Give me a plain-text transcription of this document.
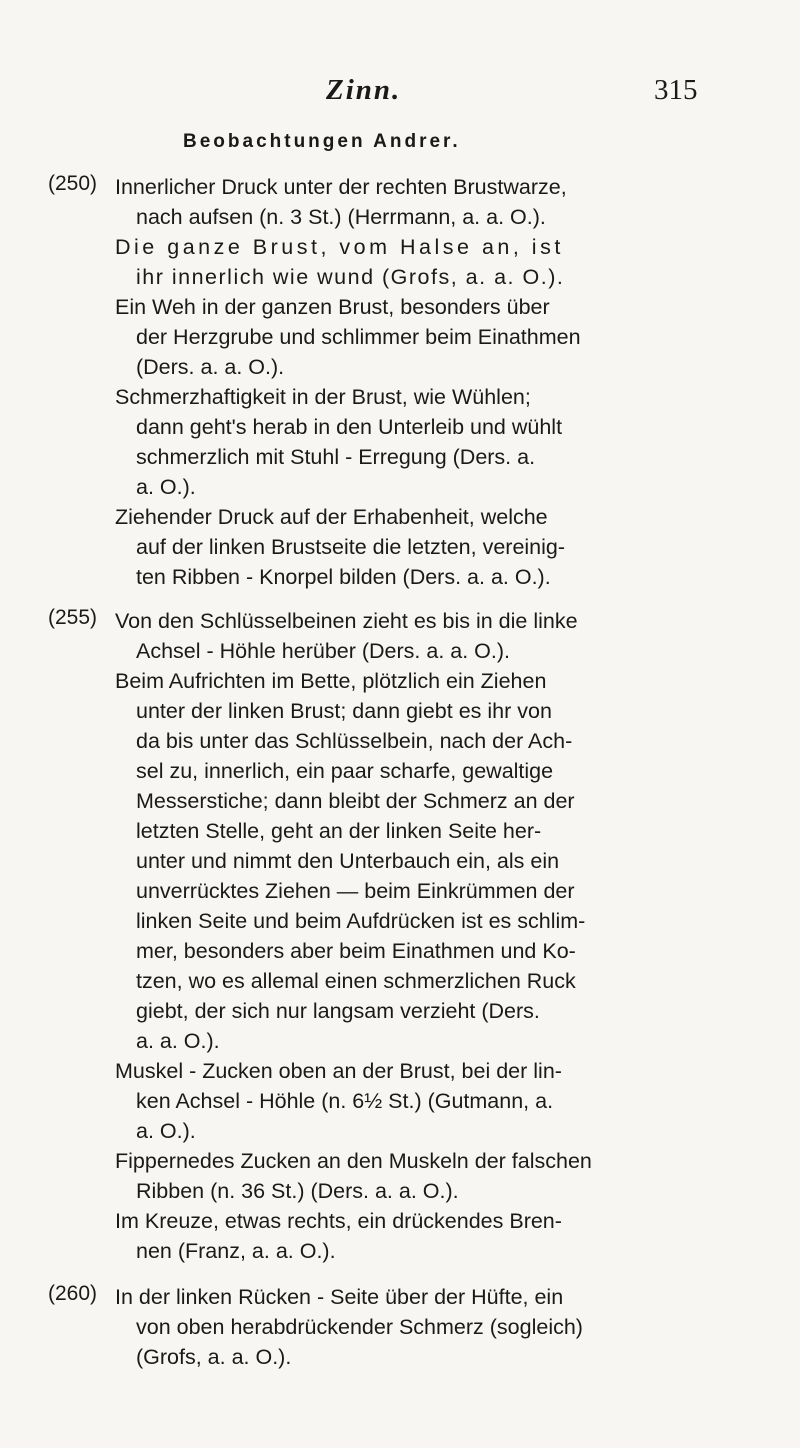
Zinn.	315
Beobachtungen Andrer.
(250) Innerlicher Druck unter der rechten Brustwarze,
nach aufsen (n. 3 St.) (Herrmann, a. a. O.).
Die ganze Brust, vom Halse an, ist
ihr innerlich wie wund (Grofs, a. a. O.).
Ein Weh in der ganzen Brust, besonders über
der Herzgrube und schlimmer beim Einathmen
(Ders. a. a. O.).
Schmerzhaftigkeit in der Brust, wie Wühlen;
dann geht's herab in den Unterleib und wühlt
schmerzlich mit Stuhl - Erregung (Ders. a.
a. O.).
Ziehender Druck auf der Erhabenheit, welche
auf der linken Brustseite die letzten, vereinig-
ten Ribben - Knorpel bilden (Ders. a. a. O.).
(255) Von den Schlüsselbeinen zieht es bis in die linke
Achsel - Höhle herüber (Ders. a. a. O.).
Beim Aufrichten im Bette, plötzlich ein Ziehen
unter der linken Brust; dann giebt es ihr von
da bis unter das Schlüsselbein, nach der Ach-
sel zu, innerlich, ein paar scharfe, gewaltige
Messerstiche; dann bleibt der Schmerz an der
letzten Stelle, geht an der linken Seite her-
unter und nimmt den Unterbauch ein, als ein
unverrücktes Ziehen — beim Einkrümmen der
linken Seite und beim Aufdrücken ist es schlim-
mer, besonders aber beim Einathmen und Ko-
tzen, wo es allemal einen schmerzlichen Ruck
giebt, der sich nur langsam verzieht (Ders.
a. a. O.).
Muskel - Zucken oben an der Brust, bei der lin-
ken Achsel - Höhle (n. 6½ St.) (Gutmann, a.
a. O.).
Fippernedes Zucken an den Muskeln der falschen
Ribben (n. 36 St.) (Ders. a. a. O.).
Im Kreuze, etwas rechts, ein drückendes Bren-
nen (Franz, a. a. O.).
(260) In der linken Rücken - Seite über der Hüfte, ein
von oben herabdrückender Schmerz (sogleich)
(Grofs, a. a. O.).
